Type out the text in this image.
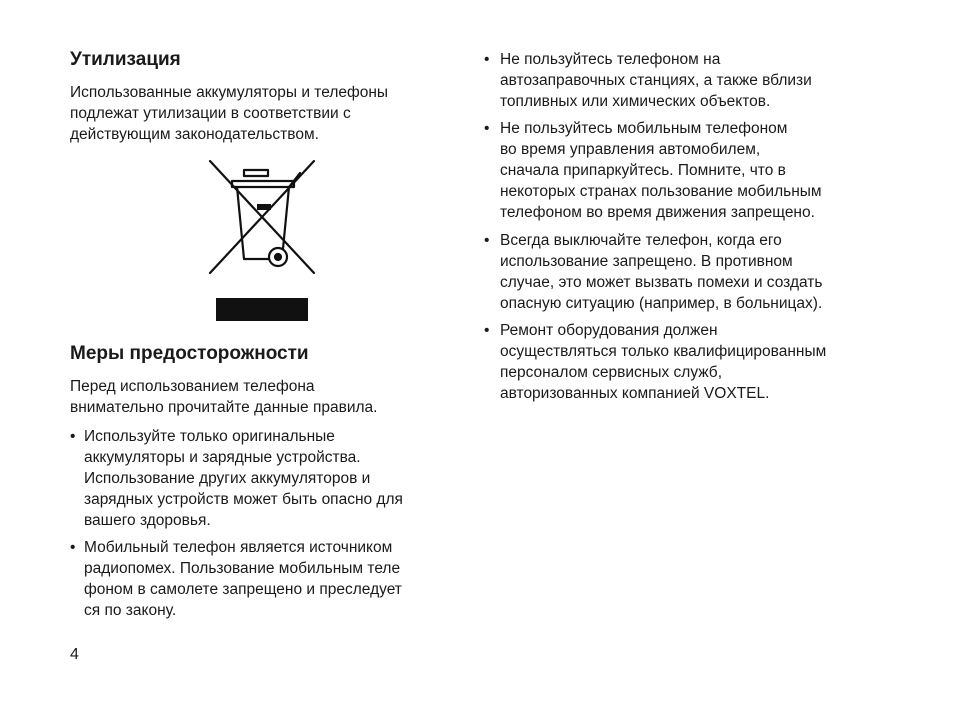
Утилизация

Использованные аккумуляторы и телефоны
подлежат утилизации в соответствии с
действующим законодательством.

Меры предосторожности

Перед использованием телефона
внимательно прочитайте данные правила.

• Используйте только оригинальные
аккумуляторы и зарядные устройства.
Использование других аккумуляторов и
зарядных устройств может быть опасно для
вашего здоровья.
• Мобильный телефон является источником
радиопомех. Пользование мобильным теле
фоном в самолете запрещено и преследует
ся по закону.
• Не пользуйтесь телефоном на
автозаправочных станциях, а также вблизи
топливных или химических объектов.
• Не пользуйтесь мобильным телефоном
во время управления автомобилем,
сначала припаркуйтесь. Помните, что в
некоторых странах пользование мобильным
телефоном во время движения запрещено.
• Всегда выключайте телефон, когда его
использование запрещено. В противном
случае, это может вызвать помехи и создать
опасную ситуацию (например, в больницах).
• Ремонт оборудования должен
осуществляться только квалифицированным
персоналом сервисных служб,
авторизованных компанией VOXTEL.
4
